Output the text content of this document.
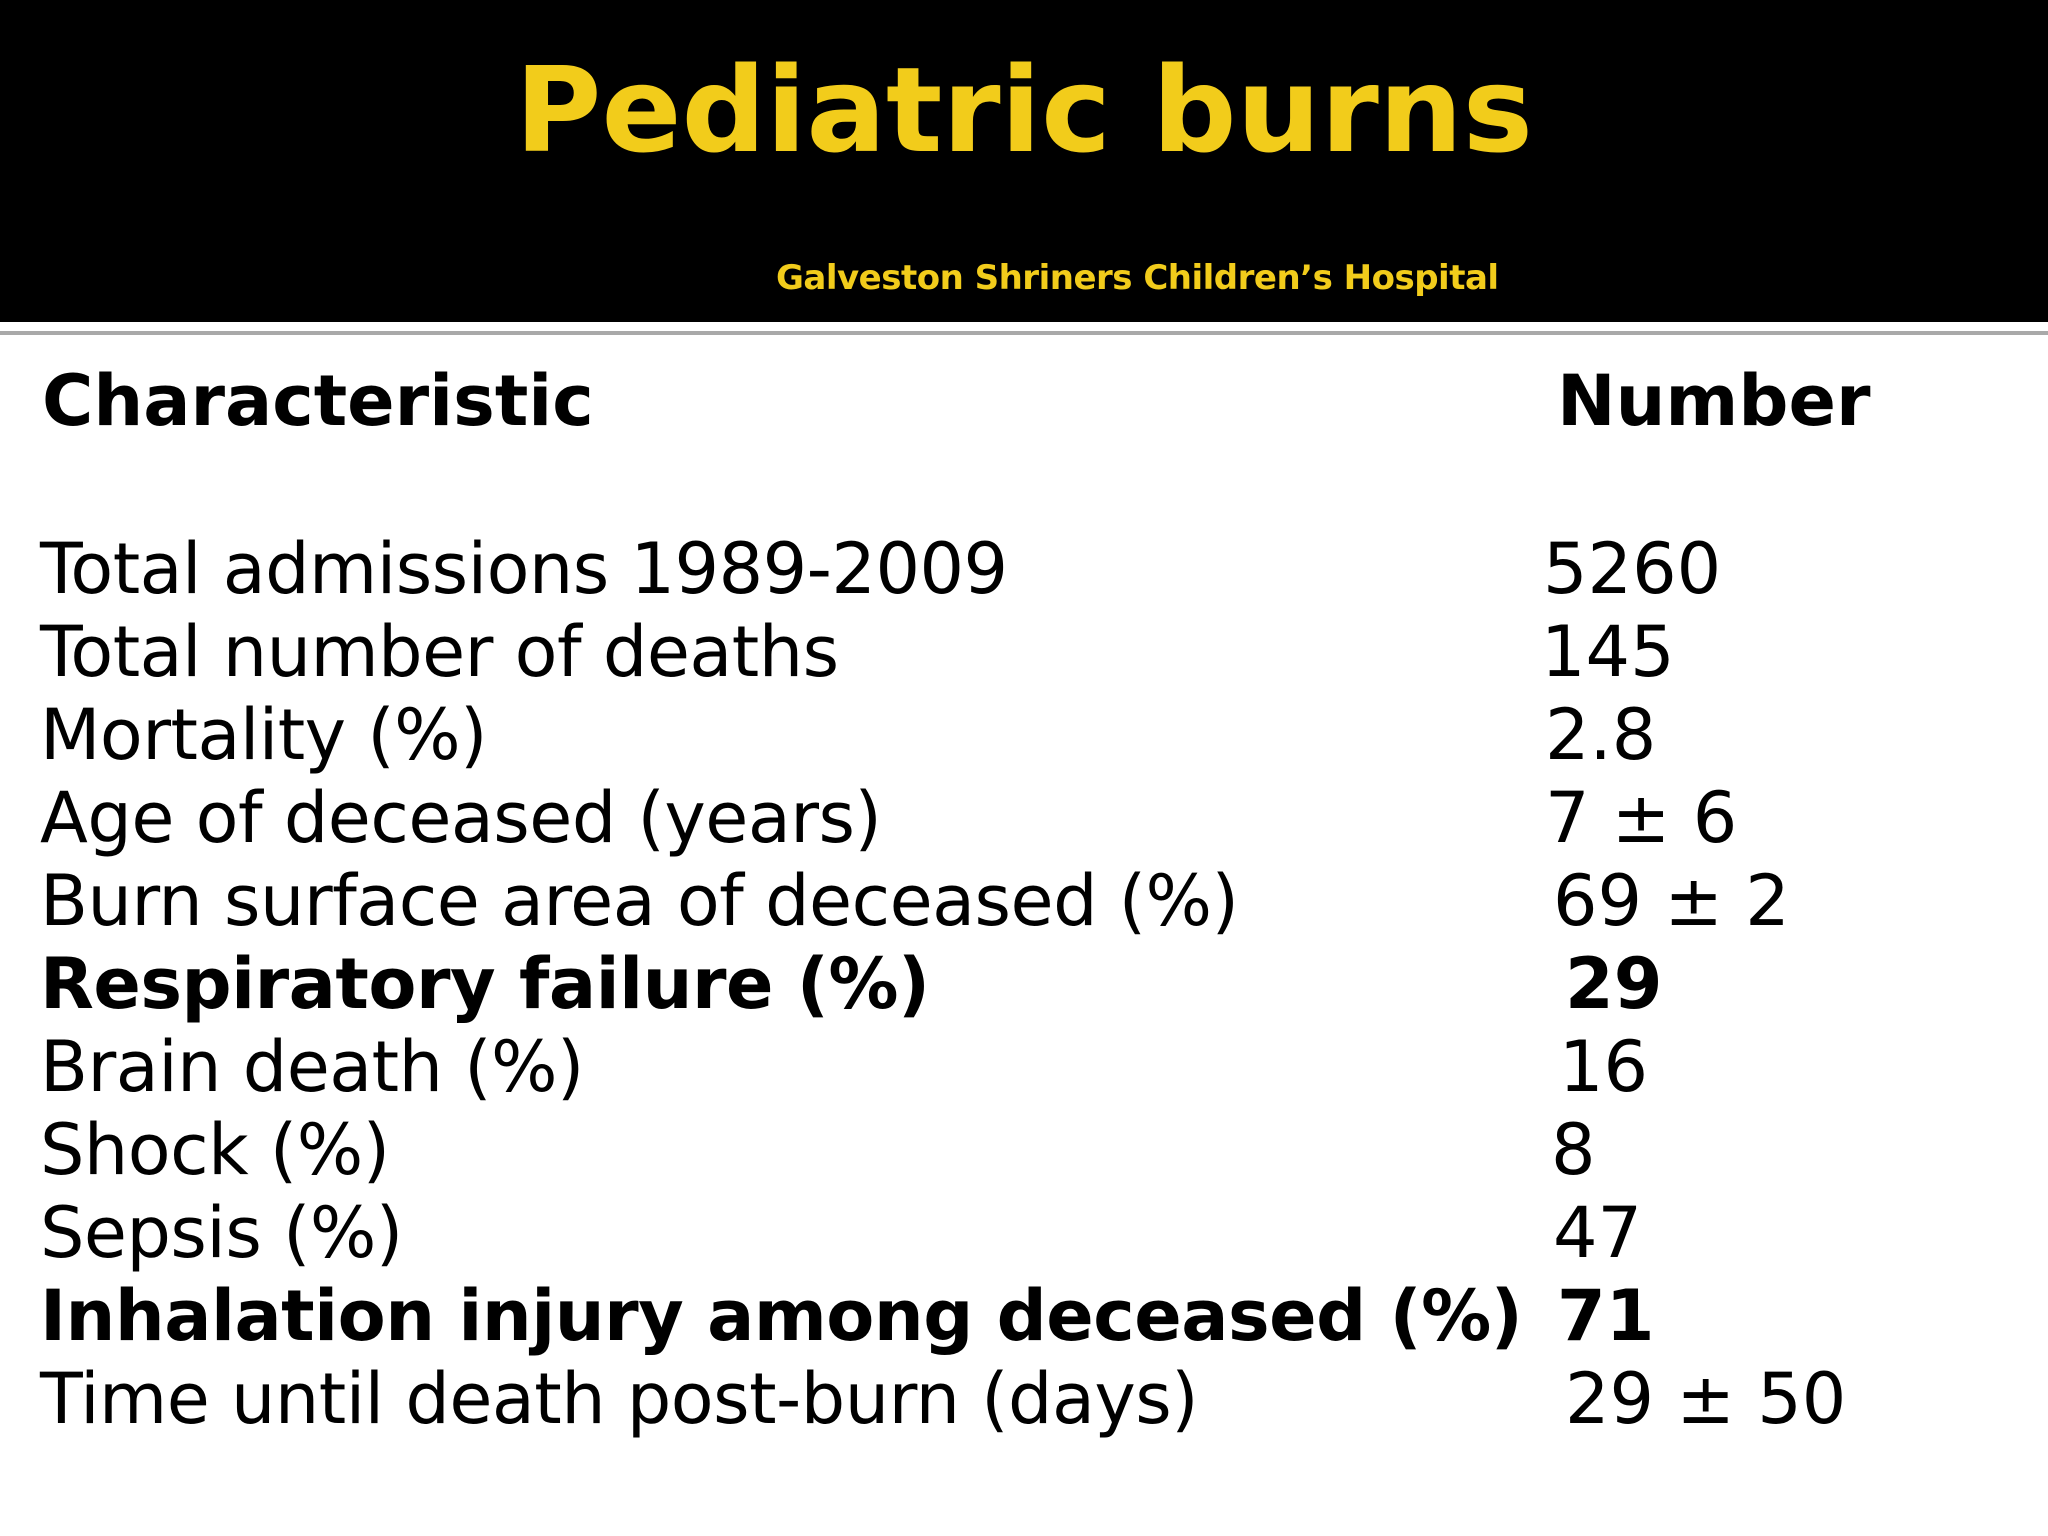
Pediatric burns
Galveston Shriners Children’s Hospital
Characteristic	Number
Total admissions 1989-2009	5260
Total number of deaths	145
Mortality (%)	2.8
Age of deceased (years)	7 ± 6
Burn surface area of deceased (%)	69 ± 2
Respiratory failure (%)	29
Brain death (%)	16
Shock (%)	8
Sepsis (%)	47
Inhalation injury among deceased (%) 71
Time until death post-burn (days)	29 ± 50
